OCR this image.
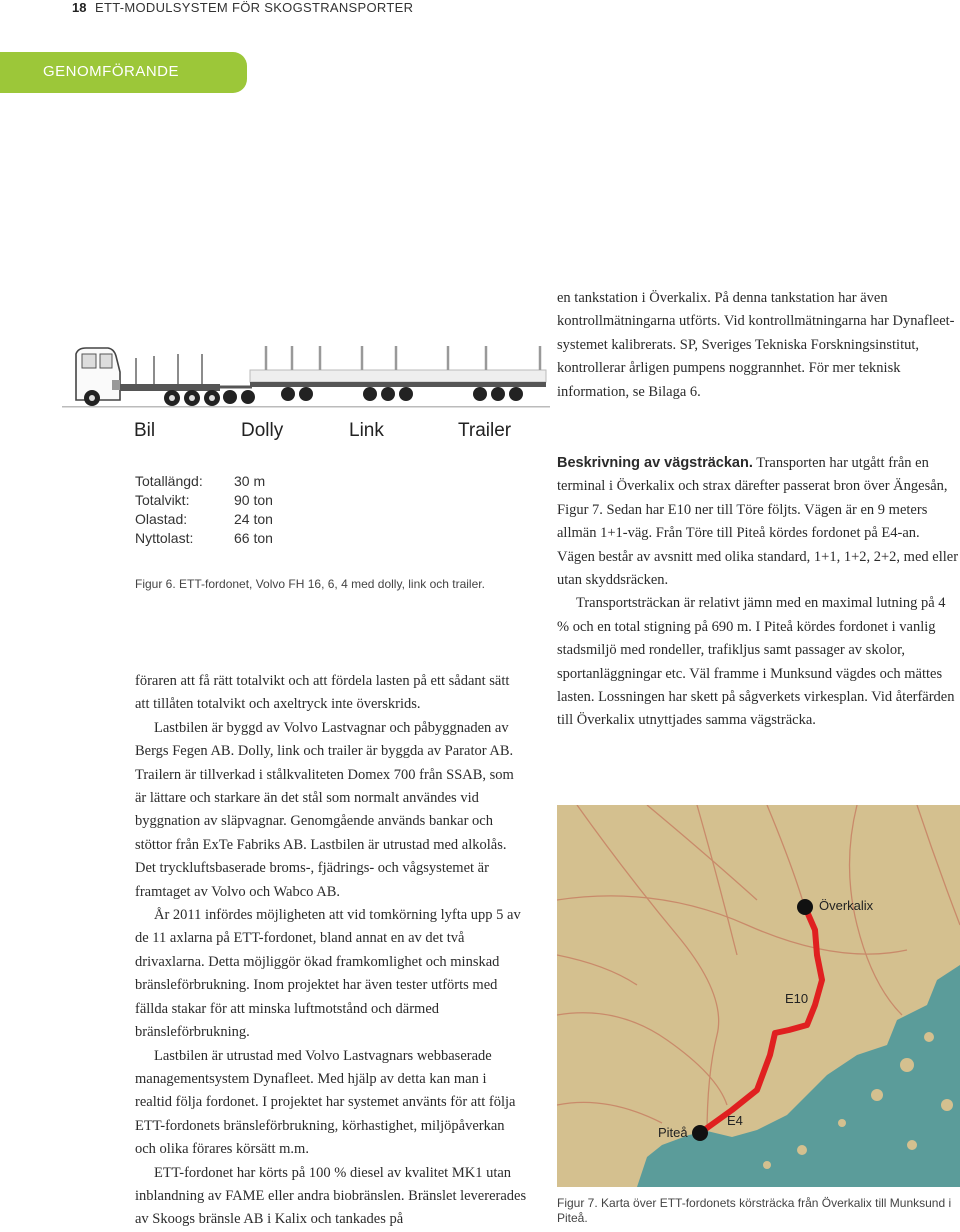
18 ETT-MODULSYSTEM FÖR SKOGSTRANSPORTER
GENOMFÖRANDE
Bil	Dolly	Link	Trailer
Totallängd: 30 m
Totalvikt:	90 ton
Olastad:	24 ton
Nyttolast:	66 ton
Figur 6. ETT-fordonet, Volvo FH 16, 6, 4 med dolly, link och trailer.

föraren att få rätt totalvikt och att fördela lasten på ett sådant sätt att tillåten totalvikt och axeltryck inte överskrids.

Lastbilen är byggd av Volvo Lastvagnar och påbyggnaden av Bergs Fegen AB. Dolly, link och trailer är byggda av Parator AB. Trailern är tillverkad i stålkvaliteten Domex 700 från SSAB, som är lättare och starkare än det stål som normalt användes vid byggnation av släpvagnar. Genomgående används bankar och stöttor från ExTe Fabriks AB. Lastbilen är utrustad med alkolås. Det tryckluftsbaserade broms-, fjädrings- och vågsystemet är framtaget av Volvo och Wabco AB.

År 2011 infördes möjligheten att vid tomkörning lyfta upp 5 av de 11 axlarna på ETT-fordonet, bland annat en av det två drivaxlarna. Detta möjliggör ökad framkomlighet och minskad bränsleförbrukning. Inom projektet har även tester utförts med fällda stakar för att minska luftmotstånd och därmed bränsleförbrukning.

Lastbilen är utrustad med Volvo Lastvagnars webbaserade managementsystem Dynafleet. Med hjälp av detta kan man i realtid följa fordonet. I projektet har systemet använts för att följa ETT-fordonets bränsleförbrukning, körhastighet, miljöpåverkan och olika förares körsätt m.m.

ETT-fordonet har körts på 100 % diesel av kvalitet MK1 utan inblandning av FAME eller andra biobränslen. Bränslet levererades av Skoogs bränsle AB i Kalix och tankades på

en tankstation i Överkalix. På denna tankstation har även kontrollmätningarna utförts. Vid kontrollmätningarna har Dynafleet-systemet kalibrerats. SP, Sveriges Tekniska Forskningsinstitut, kontrollerar årligen pumpens noggrannhet. För mer teknisk information, se Bilaga 6.

Beskrivning av vägsträckan. Transporten har utgått från en terminal i Överkalix och strax därefter passerat bron över Ängesån, Figur 7. Sedan har E10 ner till Töre följts. Vägen är en 9 meters allmän 1+1-väg. Från Töre till Piteå kördes fordonet på E4-an. Vägen består av avsnitt med olika standard, 1+1, 1+2, 2+2, med eller utan skyddsräcken.

Transportsträckan är relativt jämn med en maximal lutning på 4 % och en total stigning på 690 m. I Piteå kördes fordonet i vanlig stadsmiljö med rondeller, trafikljus samt passager av skolor, sportanläggningar etc. Väl framme i Munksund vägdes och mättes lasten. Lossningen har skett på sågverkets virkesplan. Vid återfärden till Överkalix utnyttjades samma vägsträcka.

Överkalix
Piteå
E10
E4
Figur 7. Karta över ETT-fordonets körsträcka från Överkalix till Munksund i Piteå.
